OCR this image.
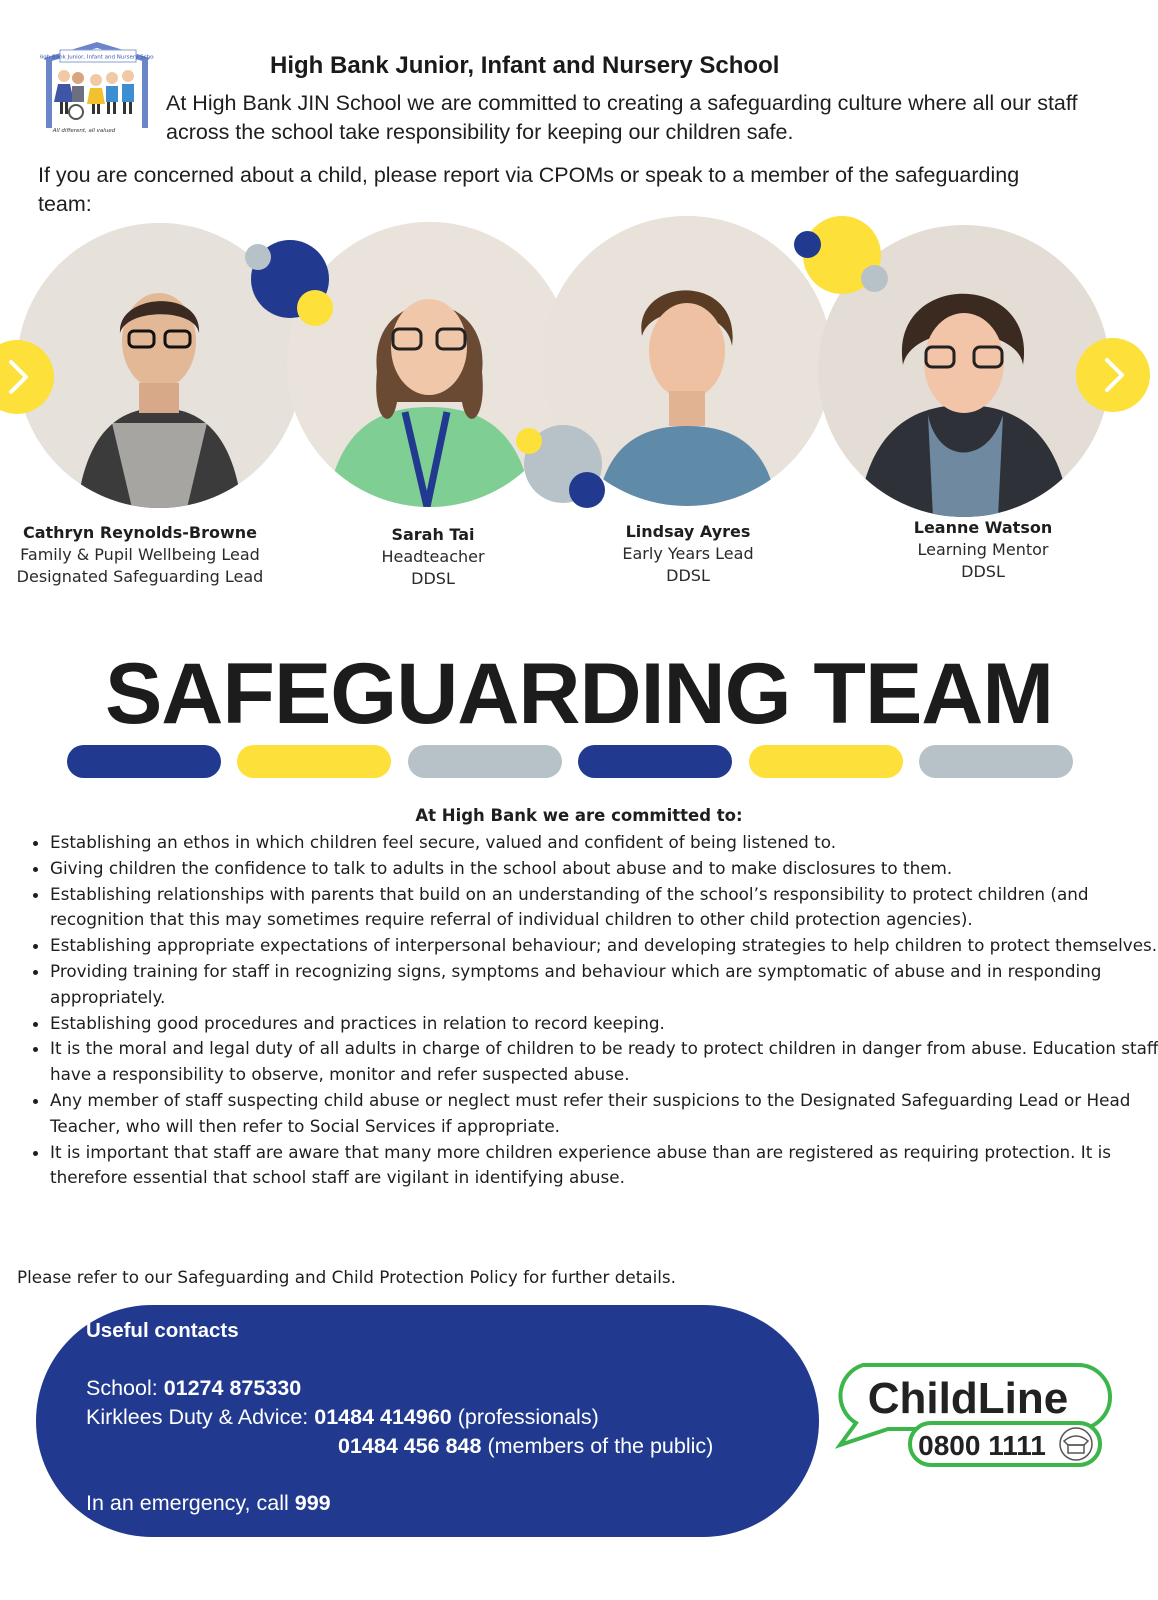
High Bank Junior, Infant and Nursery School
All different, all valued
High Bank Junior, Infant and Nursery School
At High Bank JIN School we are committed to creating a safeguarding culture where all our staff across the school take responsibility for keeping our children safe.
If you are concerned about a child, please report via CPOMs or speak to a member of the safeguarding team:
Cathryn Reynolds-Browne
Family & Pupil Wellbeing Lead
Designated Safeguarding Lead
Sarah Tai
Headteacher
DDSL
Lindsay Ayres
Early Years Lead
DDSL
Leanne Watson
Learning Mentor
DDSL
SAFEGUARDING TEAM
At High Bank we are committed to:
• Establishing an ethos in which children feel secure, valued and confident of being listened to.
• Giving children the confidence to talk to adults in the school about abuse and to make disclosures to them.
• Establishing relationships with parents that build on an understanding of the school’s responsibility to protect children (and recognition that this may sometimes require referral of individual children to other child protection agencies).
• Establishing appropriate expectations of interpersonal behaviour; and developing strategies to help children to protect themselves.
• Providing training for staff in recognizing signs, symptoms and behaviour which are symptomatic of abuse and in responding appropriately.
• Establishing good procedures and practices in relation to record keeping.
• It is the moral and legal duty of all adults in charge of children to be ready to protect children in danger from abuse. Education staff have a responsibility to observe, monitor and refer suspected abuse.
• Any member of staff suspecting child abuse or neglect must refer their suspicions to the Designated Safeguarding Lead or Head Teacher, who will then refer to Social Services if appropriate.
• It is important that staff are aware that many more children experience abuse than are registered as requiring protection. It is therefore essential that school staff are vigilant in identifying abuse.
Please refer to our Safeguarding and Child Protection Policy for further details.
Useful contacts
School: 01274 875330
Kirklees Duty & Advice: 01484 414960 (professionals)
01484 456 848 (members of the public)
In an emergency, call 999
ChildLine
0800 1111
